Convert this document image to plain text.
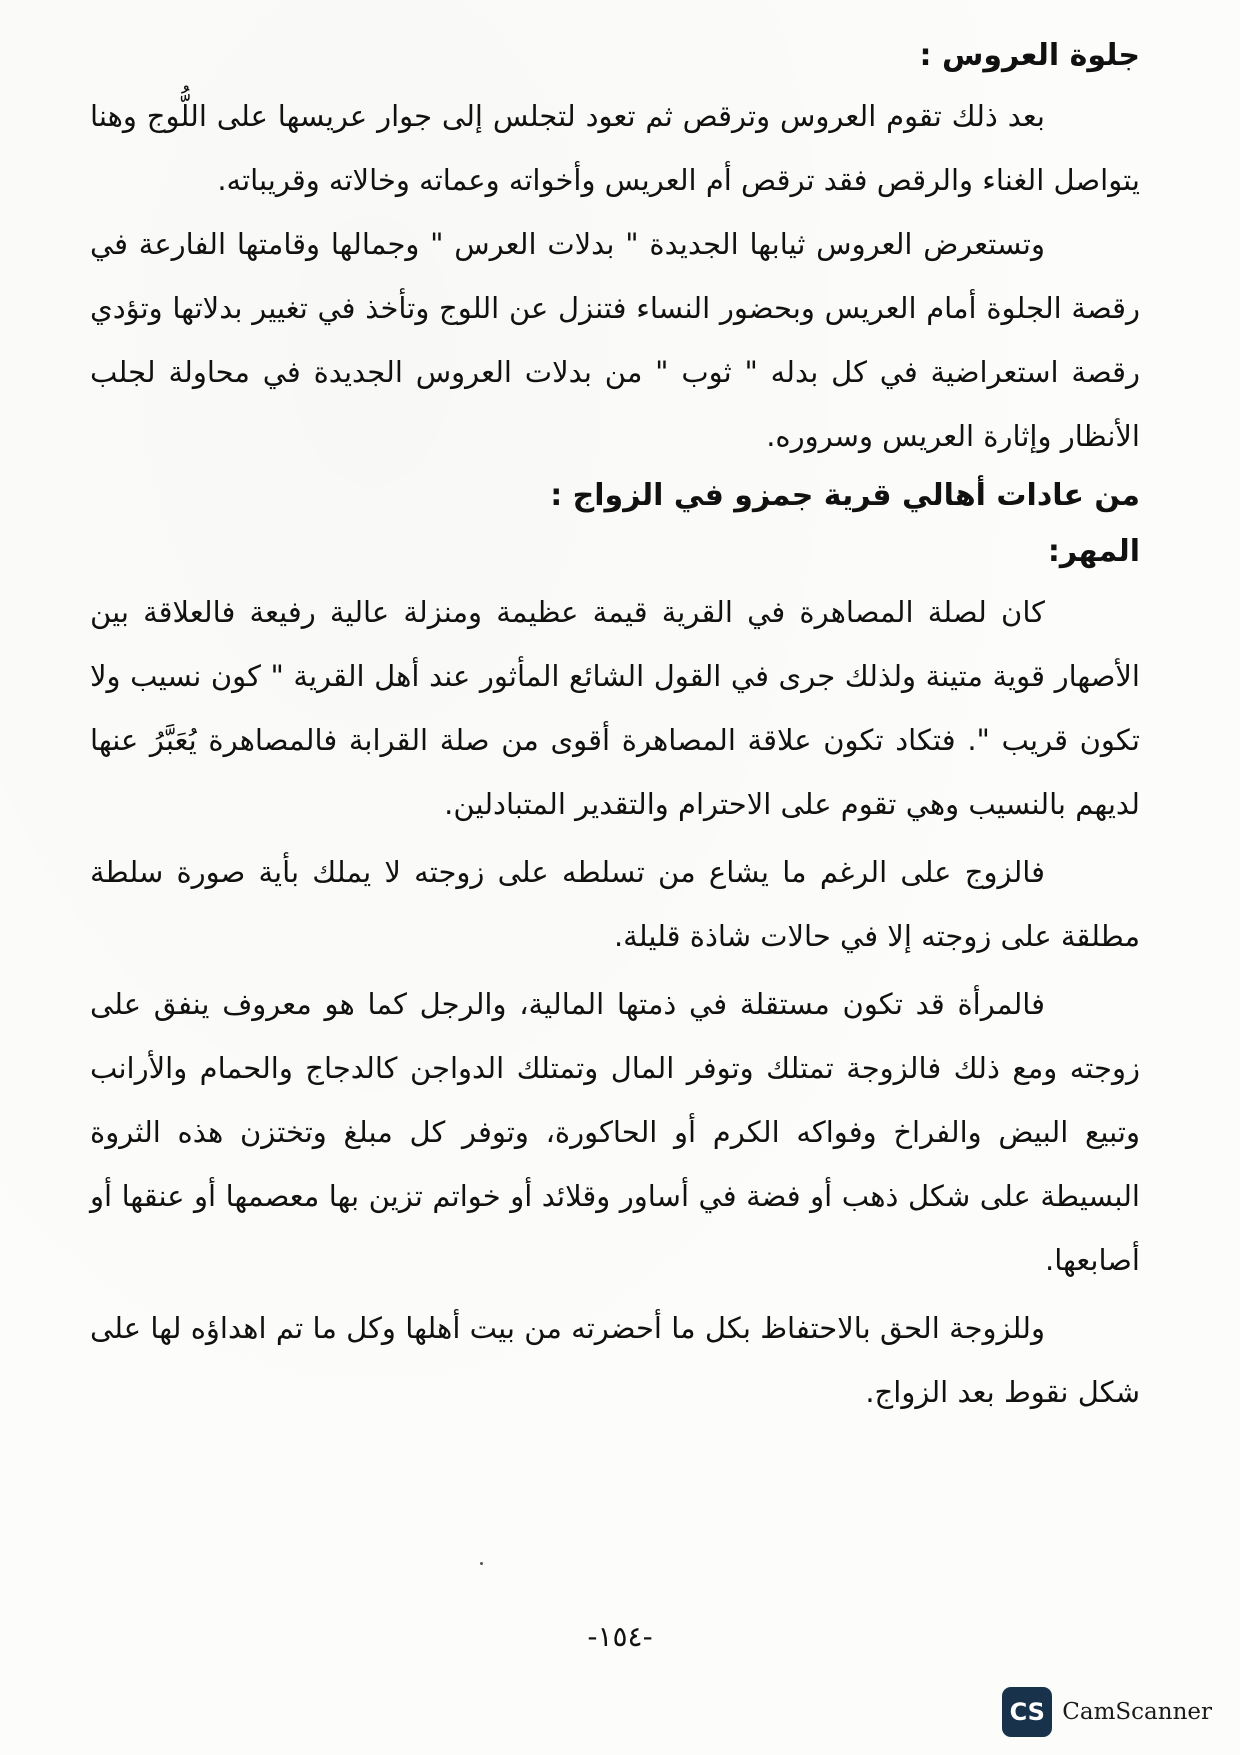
جلوة العروس :

بعد ذلك تقوم العروس وترقص ثم تعود لتجلس إلى جوار عريسها على اللُّوج وهنا يتواصل الغناء والرقص فقد ترقص أم العريس وأخواته وعماته وخالاته وقريباته.

وتستعرض العروس ثيابها الجديدة " بدلات العرس " وجمالها وقامتها الفارعة في رقصة الجلوة أمام العريس وبحضور النساء فتنزل عن اللوج وتأخذ في تغيير بدلاتها وتؤدي رقصة استعراضية في كل بدله " ثوب " من بدلات العروس الجديدة في محاولة لجلب الأنظار وإثارة العريس وسروره.

من عادات أهالي قرية جمزو في الزواج :

المهر:

كان لصلة المصاهرة في القرية قيمة عظيمة ومنزلة عالية رفيعة فالعلاقة بين الأصهار قوية متينة ولذلك جرى في القول الشائع المأثور عند أهل القرية " كون نسيب ولا تكون قريب ". فتكاد تكون علاقة المصاهرة أقوى من صلة القرابة فالمصاهرة يُعَبَّرُ عنها لديهم بالنسيب وهي تقوم على الاحترام والتقدير المتبادلين.

فالزوج على الرغم ما يشاع من تسلطه على زوجته لا يملك بأية صورة سلطة مطلقة على زوجته إلا في حالات شاذة قليلة.

فالمرأة قد تكون مستقلة في ذمتها المالية، والرجل كما هو معروف ينفق على زوجته ومع ذلك فالزوجة تمتلك وتوفر المال وتمتلك الدواجن كالدجاج والحمام والأرانب وتبيع البيض والفراخ وفواكه الكرم أو الحاكورة، وتوفر كل مبلغ وتختزن هذه الثروة البسيطة على شكل ذهب أو فضة في أساور وقلائد أو خواتم تزين بها معصمها أو عنقها أو أصابعها.

وللزوجة الحق بالاحتفاظ بكل ما أحضرته من بيت أهلها وكل ما تم اهداؤه لها على شكل نقوط بعد الزواج.

-١٥٤-
CS CamScanner
